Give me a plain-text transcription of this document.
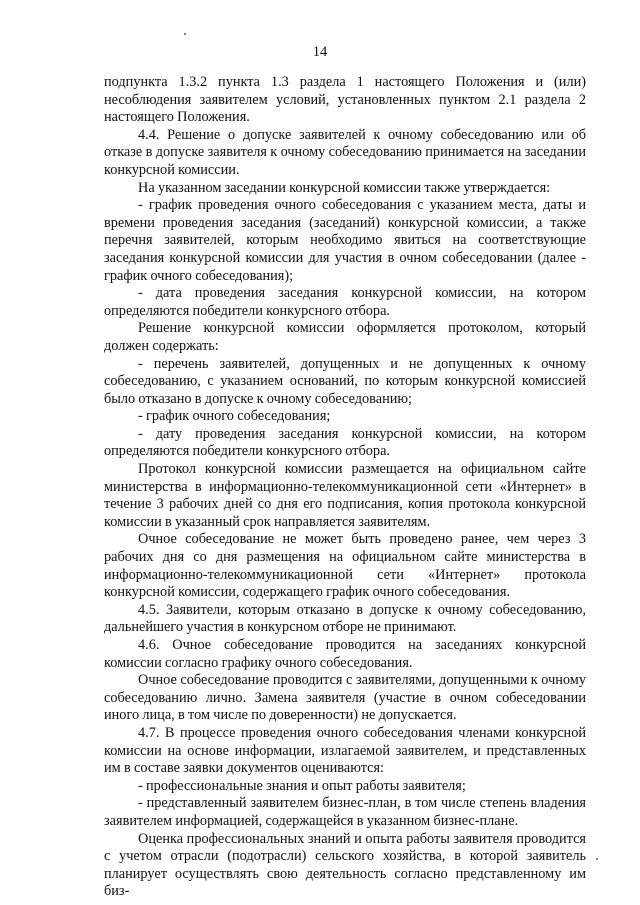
14

подпункта 1.3.2 пункта 1.3 раздела 1 настоящего Положения и (или) несоблюдения заявителем условий, установленных пунктом 2.1 раздела 2 настоящего Положения.

4.4. Решение о допуске заявителей к очному собеседованию или об отказе в допуске заявителя к очному собеседованию принимается на заседании конкурсной комиссии.

На указанном заседании конкурсной комиссии также утверждается:

- график проведения очного собеседования с указанием места, даты и времени проведения заседания (заседаний) конкурсной комиссии, а также перечня заявителей, которым необходимо явиться на соответствующие заседания конкурсной комиссии для участия в очном собеседовании (далее - график очного собеседования);

- дата проведения заседания конкурсной комиссии, на котором определяются победители конкурсного отбора.

Решение конкурсной комиссии оформляется протоколом, который должен содержать:

- перечень заявителей, допущенных и не допущенных к очному собеседованию, с указанием оснований, по которым конкурсной комиссией было отказано в допуске к очному собеседованию;

- график очного собеседования;

- дату проведения заседания конкурсной комиссии, на котором определяются победители конкурсного отбора.

Протокол конкурсной комиссии размещается на официальном сайте министерства в информационно-телекоммуникационной сети «Интернет» в течение 3 рабочих дней со дня его подписания, копия протокола конкурсной комиссии в указанный срок направляется заявителям.

Очное собеседование не может быть проведено ранее, чем через 3 рабочих дня со дня размещения на официальном сайте министерства в информационно-телекоммуникационной сети «Интернет» протокола конкурсной комиссии, содержащего график очного собеседования.

4.5. Заявители, которым отказано в допуске к очному собеседованию, дальнейшего участия в конкурсном отборе не принимают.

4.6. Очное собеседование проводится на заседаниях конкурсной комиссии согласно графику очного собеседования.

Очное собеседование проводится с заявителями, допущенными к очному собеседованию лично. Замена заявителя (участие в очном собеседовании иного лица, в том числе по доверенности) не допускается.

4.7. В процессе проведения очного собеседования членами конкурсной комиссии на основе информации, излагаемой заявителем, и представленных им в составе заявки документов оцениваются:

- профессиональные знания и опыт работы заявителя;

- представленный заявителем бизнес-план, в том числе степень владения заявителем информацией, содержащейся в указанном бизнес-плане.

Оценка профессиональных знаний и опыта работы заявителя проводится с учетом отрасли (подотрасли) сельского хозяйства, в которой заявитель планирует осуществлять свою деятельность согласно представленному им биз-
